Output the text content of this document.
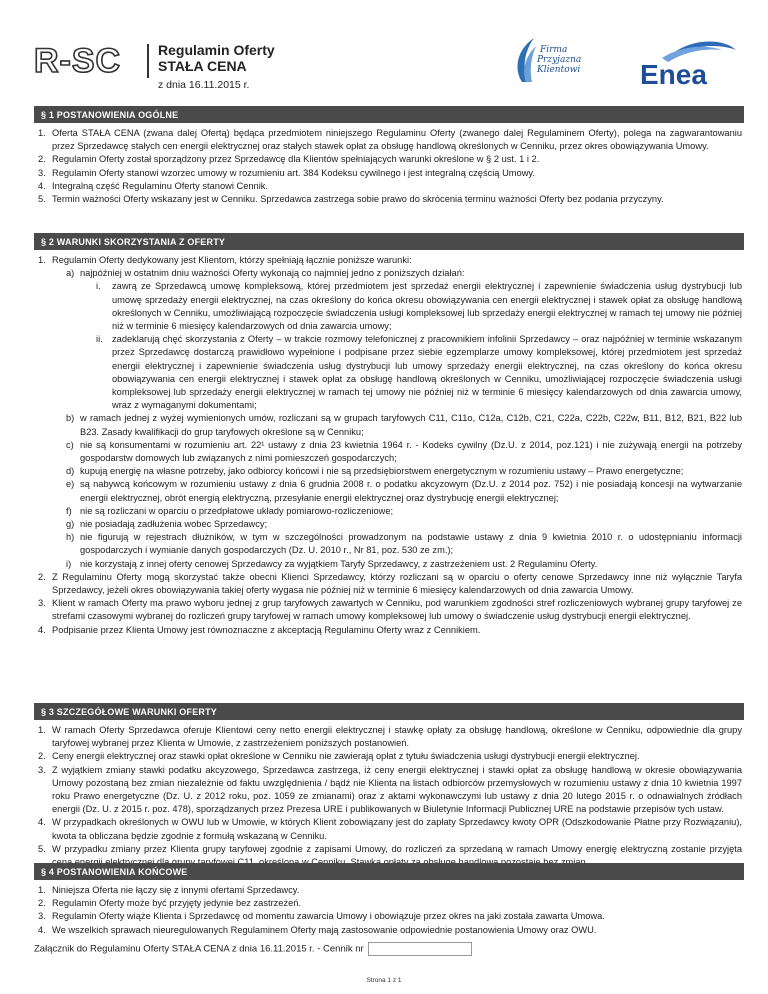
R-SC	Regulamin Oferty
STAŁA CENA
z dnia 16.11.2015 r.
Firma
Przyjazna
Klientowi Enea
§ 1 POSTANOWIENIA OGÓLNE
1. Oferta STAŁA CENA (zwana dalej Ofertą) będąca przedmiotem niniejszego Regulaminu Oferty (zwanego dalej Regulaminem Oferty), polega na zagwarantowaniu przez Sprzedawcę stałych cen energii elektrycznej oraz stałych stawek opłat za obsługę handlową określonych w Cenniku, przez okres obowiązywania Umowy.
2. Regulamin Oferty został sporządzony przez Sprzedawcę dla Klientów spełniających warunki określone w § 2 ust. 1 i 2.
3. Regulamin Oferty stanowi wzorzec umowy w rozumieniu art. 384 Kodeksu cywilnego i jest integralną częścią Umowy.
4. Integralną część Regulaminu Oferty stanowi Cennik.
5. Termin ważności Oferty wskazany jest w Cenniku. Sprzedawca zastrzega sobie prawo do skrócenia terminu ważności Oferty bez podania przyczyny.
§ 2 WARUNKI SKORZYSTANIA Z OFERTY
1. Regulamin Oferty dedykowany jest Klientom, którzy spełniają łącznie poniższe warunki:
a) najpóźniej w ostatnim dniu ważności Oferty wykonają co najmniej jedno z poniższych działań:
i. zawrą ze Sprzedawcą umowę kompleksową, której przedmiotem jest sprzedaż energii elektrycznej i zapewnienie świadczenia usług dystrybucji lub umowę sprzedaży energii elektrycznej, na czas określony do końca okresu obowiązywania cen energii elektrycznej i stawek opłat za obsługę handlową określonych w Cenniku, umożliwiającą rozpoczęcie świadczenia usługi kompleksowej lub sprzedaży energii elektrycznej w ramach tej umowy nie później niż w terminie 6 miesięcy kalendarzowych od dnia zawarcia umowy;
ii. zadeklarują chęć skorzystania z Oferty – w trakcie rozmowy telefonicznej z pracownikiem infolinii Sprzedawcy – oraz najpóźniej w terminie wskazanym przez Sprzedawcę dostarczą prawidłowo wypełnione i podpisane przez siebie egzemplarze umowy kompleksowej, której przedmiotem jest sprzedaż energii elektrycznej i zapewnienie świadczenia usług dystrybucji lub umowy sprzedaży energii elektrycznej, na czas określony do końca okresu obowiązywania cen energii elektrycznej i stawek opłat za obsługę handlową określonych w Cenniku, umożliwiającej rozpoczęcie świadczenia usługi kompleksowej lub sprzedaży energii elektrycznej w ramach tej umowy nie później niż w terminie 6 miesięcy kalendarzowych od dnia zawarcia umowy, wraz z wymaganymi dokumentami;
b) w ramach jednej z wyżej wymienionych umów, rozliczani są w grupach taryfowych C11, C11o, C12a, C12b, C21, C22a, C22b, C22w, B11, B12, B21, B22 lub B23. Zasady kwalifikacji do grup taryfowych określone są w Cenniku;
c) nie są konsumentami w rozumieniu art. 22¹ ustawy z dnia 23 kwietnia 1964 r. - Kodeks cywilny (Dz.U. z 2014, poz.121) i nie zużywają energii na potrzeby gospodarstw domowych lub związanych z nimi pomieszczeń gospodarczych;
d) kupują energię na własne potrzeby, jako odbiorcy końcowi i nie są przedsiębiorstwem energetycznym w rozumieniu ustawy – Prawo energetyczne;
e) są nabywcą końcowym w rozumieniu ustawy z dnia 6 grudnia 2008 r. o podatku akcyzowym (Dz.U. z 2014 poz. 752) i nie posiadają koncesji na wytwarzanie energii elektrycznej, obrót energią elektryczną, przesyłanie energii elektrycznej oraz dystrybucję energii elektrycznej;
f) nie są rozliczani w oparciu o przedpłatowe układy pomiarowo-rozliczeniowe;
g) nie posiadają zadłużenia wobec Sprzedawcy;
h) nie figurują w rejestrach dłużników, w tym w szczególności prowadzonym na podstawie ustawy z dnia 9 kwietnia 2010 r. o udostępnianiu informacji gospodarczych i wymianie danych gospodarczych (Dz. U. 2010 r., Nr 81, poz. 530 ze zm.);
i) nie korzystają z innej oferty cenowej Sprzedawcy za wyjątkiem Taryfy Sprzedawcy, z zastrzeżeniem ust. 2 Regulaminu Oferty.
2. Z Regulaminu Oferty mogą skorzystać także obecni Klienci Sprzedawcy, którzy rozliczani są w oparciu o oferty cenowe Sprzedawcy inne niż wyłącznie Taryfa Sprzedawcy, jeżeli okres obowiązywania takiej oferty wygasa nie później niż w terminie 6 miesięcy kalendarzowych od dnia zawarcia Umowy.
3. Klient w ramach Oferty ma prawo wyboru jednej z grup taryfowych zawartych w Cenniku, pod warunkiem zgodności stref rozliczeniowych wybranej grupy taryfowej ze strefami czasowymi wybranej do rozliczeń grupy taryfowej w ramach umowy kompleksowej lub umowy o świadczenie usług dystrybucji energii elektrycznej.
4. Podpisanie przez Klienta Umowy jest równoznaczne z akceptacją Regulaminu Oferty wraz z Cennikiem.
§ 3 SZCZEGÓŁOWE WARUNKI OFERTY
1. W ramach Oferty Sprzedawca oferuje Klientowi ceny netto energii elektrycznej i stawkę opłaty za obsługę handlową, określone w Cenniku, odpowiednie dla grupy taryfowej wybranej przez Klienta w Umowie, z zastrzeżeniem poniższych postanowień.
2. Ceny energii elektrycznej oraz stawki opłat określone w Cenniku nie zawierają opłat z tytułu świadczenia usługi dystrybucji energii elektrycznej.
3. Z wyjątkiem zmiany stawki podatku akcyzowego, Sprzedawca zastrzega, iż ceny energii elektrycznej i stawki opłat za obsługę handlową w okresie obowiązywania Umowy pozostaną bez zmian niezależnie od faktu uwzględnienia / bądź nie Klienta na listach odbiorców przemysłowych w rozumieniu ustawy z dnia 10 kwietnia 1997 roku Prawo energetyczne (Dz. U. z 2012 roku, poz. 1059 ze zmianami) oraz z aktami wykonawczymi lub ustawy z dnia 20 lutego 2015 r. o odnawialnych źródłach energii (Dz. U. z 2015 r. poz. 478), sporządzanych przez Prezesa URE i publikowanych w Biuletynie Informacji Publicznej URE na podstawie przepisów tych ustaw.
4. W przypadkach określonych w OWU lub w Umowie, w których Klient zobowiązany jest do zapłaty Sprzedawcy kwoty OPR (Odszkodowanie Płatne przy Rozwiązaniu), kwota ta obliczana będzie zgodnie z formułą wskazaną w Cenniku.
5. W przypadku zmiany przez Klienta grupy taryfowej zgodnie z zapisami Umowy, do rozliczeń za sprzedaną w ramach Umowy energię elektryczną zostanie przyjęta
§ 4 POSTANOWIENIA KOŃCOWE
1. Niniejsza Oferta nie łączy się z innymi ofertami Sprzedawcy.
2. Regulamin Oferty może być przyjęty jedynie bez zastrzeżeń.
3. Regulamin Oferty wiąże Klienta i Sprzedawcę od momentu zawarcia Umowy i obowiązuje przez okres na jaki została zawarta Umowa.
4. We wszelkich sprawach nieuregulowanych Regulaminem Oferty mają zastosowanie odpowiednie postanowienia Umowy oraz OWU.
Załącznik do Regulaminu Oferty STAŁA CENA z dnia 16.11.2015 r. - Cennik nr
Strona 1 z 1
